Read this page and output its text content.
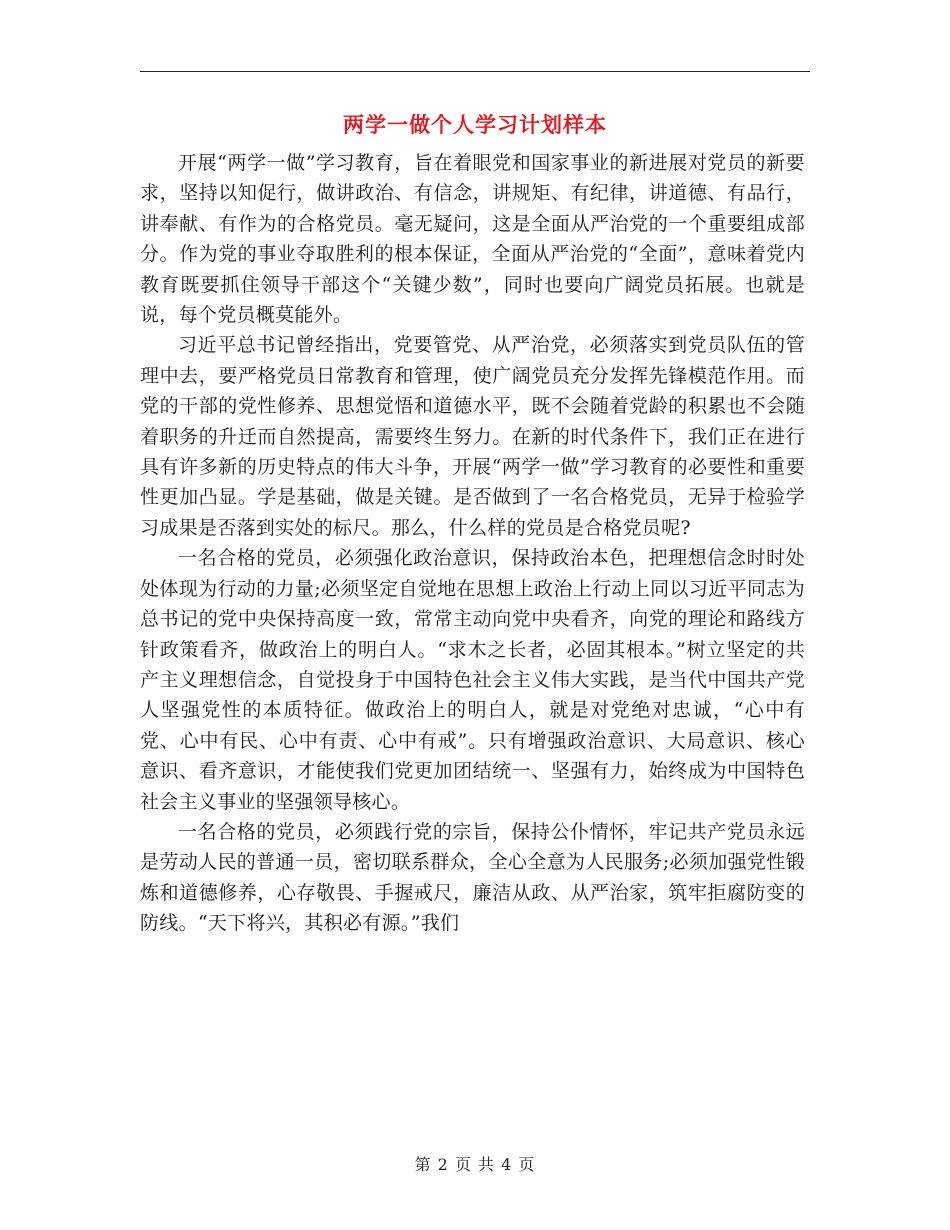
两学一做个人学习计划样本

开展“两学一做”学习教育，旨在着眼党和国家事业的新进展对党员的新要求，坚持以知促行，做讲政治、有信念，讲规矩、有纪律，讲道德、有品行，讲奉献、有作为的合格党员。毫无疑问，这是全面从严治党的一个重要组成部分。作为党的事业夺取胜利的根本保证，全面从严治党的“全面”，意味着党内教育既要抓住领导干部这个“关键少数”，同时也要向广阔党员拓展。也就是说，每个党员概莫能外。

习近平总书记曾经指出，党要管党、从严治党，必须落实到党员队伍的管理中去，要严格党员日常教育和管理，使广阔党员充分发挥先锋模范作用。而党的干部的党性修养、思想觉悟和道德水平，既不会随着党龄的积累也不会随着职务的升迁而自然提高，需要终生努力。在新的时代条件下，我们正在进行具有许多新的历史特点的伟大斗争，开展“两学一做”学习教育的必要性和重要性更加凸显。学是基础，做是关键。是否做到了一名合格党员，无异于检验学习成果是否落到实处的标尺。那么，什么样的党员是合格党员呢?

一名合格的党员，必须强化政治意识，保持政治本色，把理想信念时时处处体现为行动的力量;必须坚定自觉地在思想上政治上行动上同以习近平同志为总书记的党中央保持高度一致，常常主动向党中央看齐，向党的理论和路线方针政策看齐，做政治上的明白人。“求木之长者，必固其根本。”树立坚定的共产主义理想信念，自觉投身于中国特色社会主义伟大实践，是当代中国共产党人坚强党性的本质特征。做政治上的明白人，就是对党绝对忠诚，“心中有党、心中有民、心中有责、心中有戒”。只有增强政治意识、大局意识、核心意识、看齐意识，才能使我们党更加团结统一、坚强有力，始终成为中国特色社会主义事业的坚强领导核心。

一名合格的党员，必须践行党的宗旨，保持公仆情怀，牢记共产党员永远是劳动人民的普通一员，密切联系群众，全心全意为人民服务;必须加强党性锻炼和道德修养，心存敬畏、手握戒尺，廉洁从政、从严治家，筑牢拒腐防变的防线。“天下将兴，其积必有源。”我们

第 2 页 共 4 页
